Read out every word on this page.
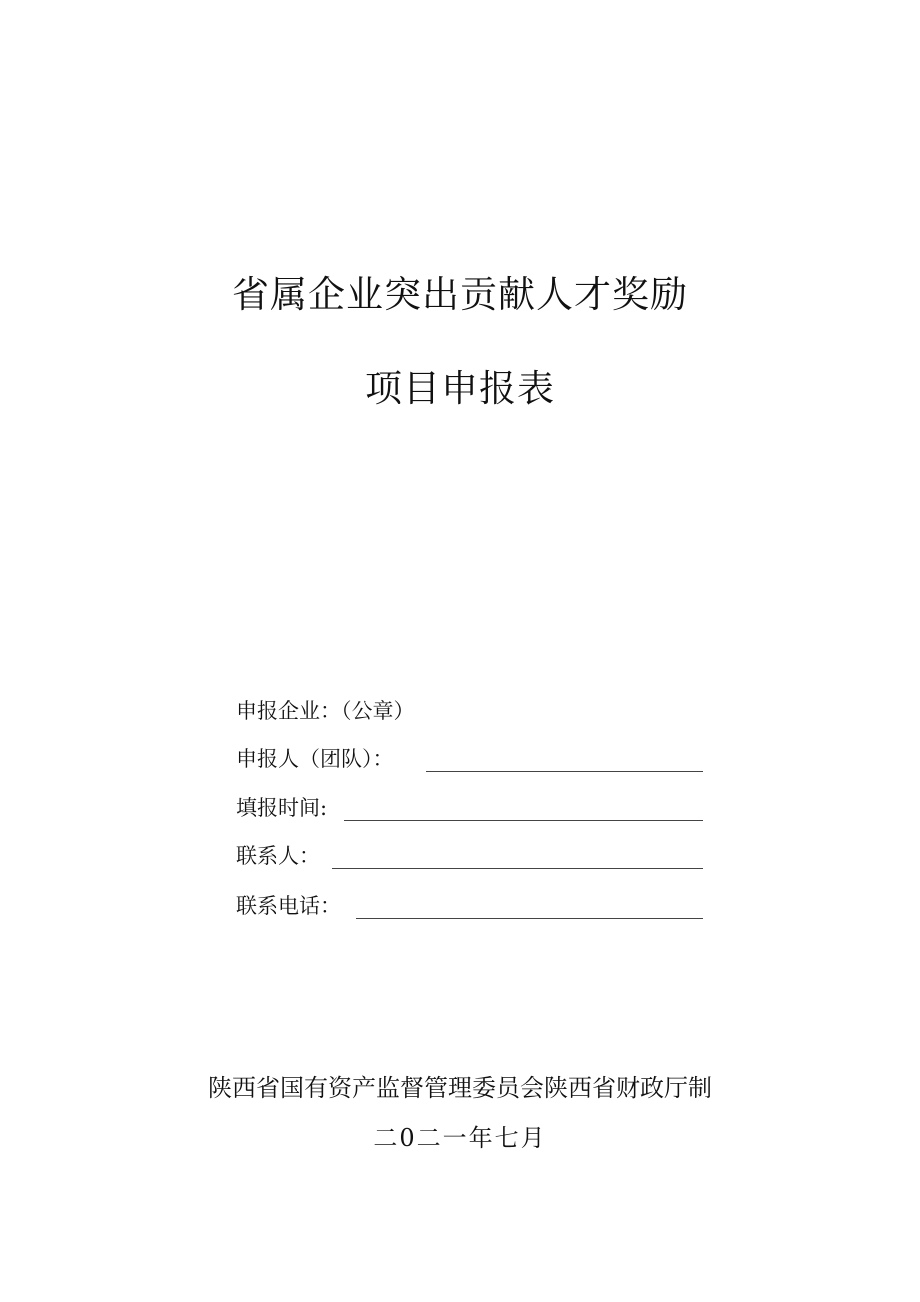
省属企业突出贡献人才奖励
项目申报表
申报企业：（公章）
申报人（团队）：
填报时间:
联系人：
联系电话：
陕西省国有资产监督管理委员会陕西省财政厅制
二0二一年七月
